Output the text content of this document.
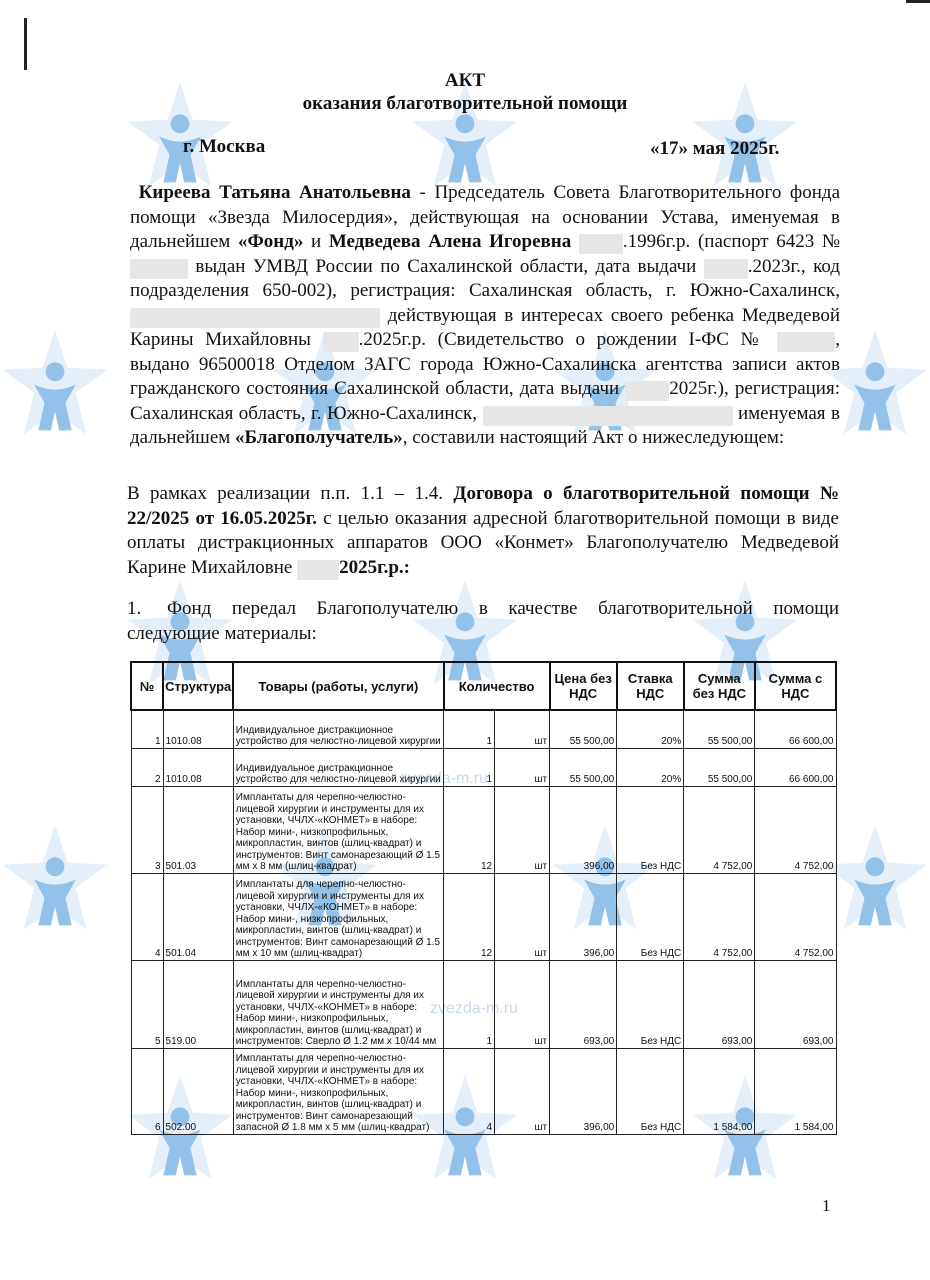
zvezda-m.ru
zvezda-m.ru
АКТ
оказания благотворительной помощи
г. Москва	«17» мая 2025г.
Киреева Татьяна Анатольевна - Председатель Совета Благотворительного фонда помощи «Звезда Милосердия», действующая на основании Устава, именуемая в дальнейшем «Фонд» и Медведева Алена Игоревна	.1996г.р. (паспорт 6423 №  выдан УМВД России по Сахалинской области, дата выдачи .2023г., код подразделения 650-002), регистрация: Сахалинская область, г. Южно-Сахалинск,  действующая в интересах своего ребенка Медведевой Карины Михайловны .2025г.р. (Свидетельство о рождении I-ФС №	, выдано 96500018 Отделом ЗАГС города Южно-Сахалинска агентства записи актов гражданского состояния Сахалинской области, дата выдачи 2025г.), регистрация: Сахалинская область, г. Южно-Сахалинск,	именуемая в дальнейшем «Благополучатель», составили настоящий Акт о нижеследующем:
В рамках реализации п.п. 1.1 – 1.4. Договора о благотворительной помощи № 22/2025 от 16.05.2025г. с целью оказания адресной благотворительной помощи в виде оплаты дистракционных аппаратов ООО «Конмет» Благополучателю Медведевой Карине Михайловне 2025г.р.:
1. Фонд передал Благополучателю в качестве благотворительной помощи следующие материалы:
№	Структура	Товары (работы, услуги)	Количество		Цена без НДС	Ставка НДС	Сумма без НДС	Сумма с НДС
1	1010.08	Индивидуальное дистракционное устройство для челюстно-лицевой хирургии	1	шт	55 500,00	20%	55 500,00	66 600,00
2	1010.08	Индивидуальное дистракционное устройство для челюстно-лицевой хирургии	1	шт	55 500,00	20%	55 500,00	66 600,00
3	501.03	Имплантаты для черепно-челюстно-лицевой хирургии и инструменты для их установки, ЧЧЛХ-«КОНМЕТ» в наборе: Набор мини-, низкопрофильных, микропластин, винтов (шлиц-квадрат) и инструментов: Винт самонарезающий Ø 1.5 мм x 8 мм (шлиц-квадрат)	12	шт	396,00	Без НДС	4 752,00	4 752,00
4	501.04	Имплантаты для черепно-челюстно-лицевой хирургии и инструменты для их установки, ЧЧЛХ-«КОНМЕТ» в наборе: Набор мини-, низкопрофильных, микропластин, винтов (шлиц-квадрат) и инструментов: Винт самонарезающий Ø 1.5 мм x 10 мм (шлиц-квадрат)	12	шт	396,00	Без НДС	4 752,00	4 752,00
5	519.00	Имплантаты для черепно-челюстно-лицевой хирургии и инструменты для их установки, ЧЧЛХ-«КОНМЕТ» в наборе: Набор мини-, низкопрофильных, микропластин, винтов (шлиц-квадрат) и инструментов: Сверло Ø 1.2 мм x 10/44 мм	1	шт	693,00	Без НДС	693,00	693,00
6	502.00	Имплантаты для черепно-челюстно-лицевой хирургии и инструменты для их установки, ЧЧЛХ-«КОНМЕТ» в наборе: Набор мини-, низкопрофильных, микропластин, винтов (шлиц-квадрат) и инструментов: Винт самонарезающий запасной Ø 1.8 мм x 5 мм (шлиц-квадрат)	4	шт	396,00	Без НДС	1 584,00	1 584,00
1
